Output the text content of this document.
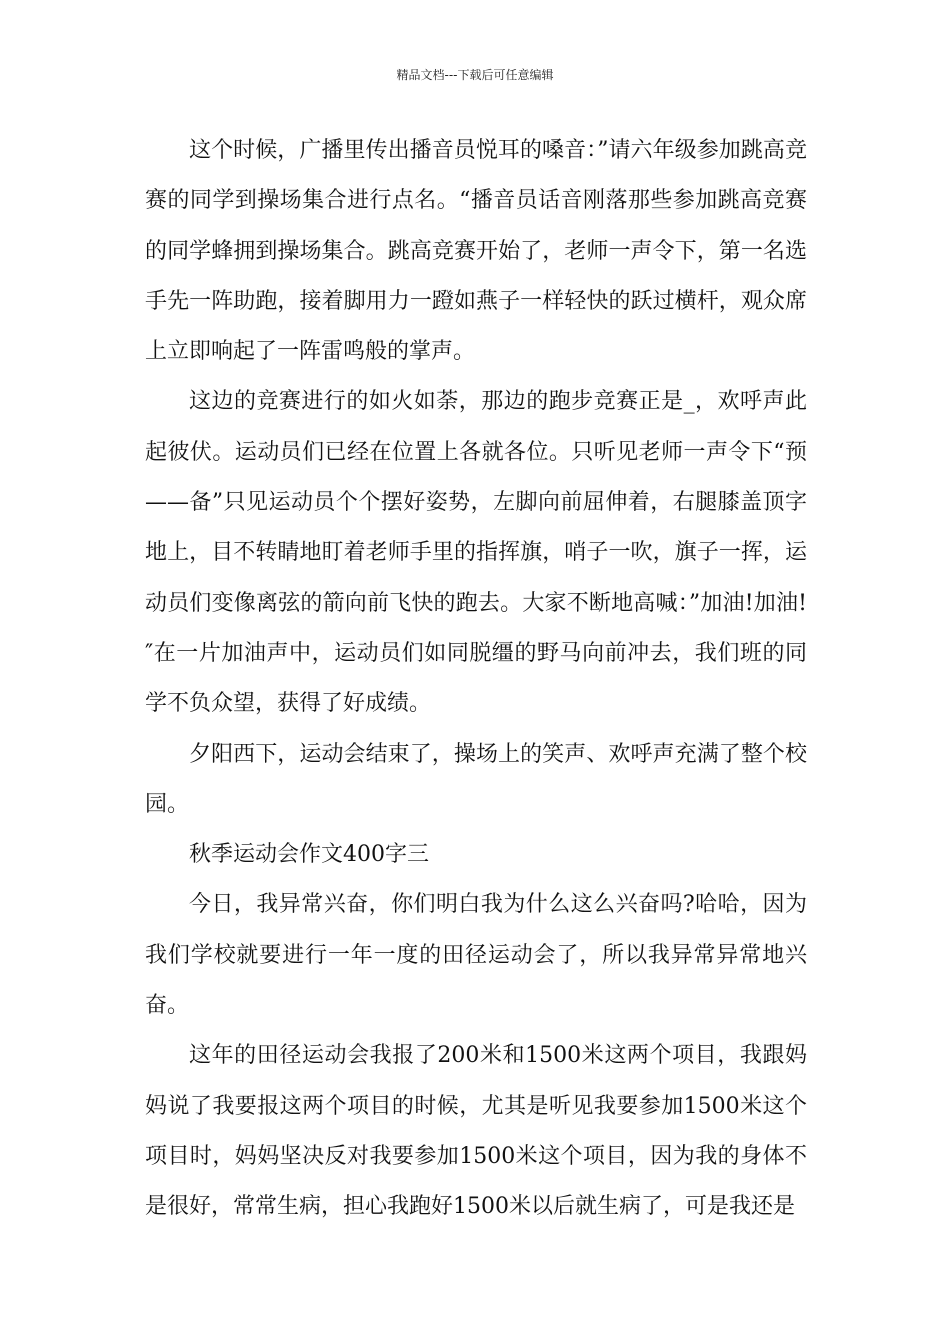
精品文档---下载后可任意编辑

这个时候，广播里传出播音员悦耳的嗓音：”请六年级参加跳高竞赛的同学到操场集合进行点名。“播音员话音刚落那些参加跳高竞赛的同学蜂拥到操场集合。跳高竞赛开始了，老师一声令下，第一名选手先一阵助跑，接着脚用力一蹬如燕子一样轻快的跃过横杆，观众席上立即响起了一阵雷鸣般的掌声。

这边的竞赛进行的如火如荼，那边的跑步竞赛正是_，欢呼声此起彼伏。运动员们已经在位置上各就各位。只听见老师一声令下“预——备”只见运动员个个摆好姿势，左脚向前屈伸着，右腿膝盖顶字地上，目不转睛地盯着老师手里的指挥旗，哨子一吹，旗子一挥，运动员们变像离弦的箭向前飞快的跑去。大家不断地高喊：”加油!加油!″在一片加油声中，运动员们如同脱缰的野马向前冲去，我们班的同学不负众望，获得了好成绩。

夕阳西下，运动会结束了，操场上的笑声、欢呼声充满了整个校园。

秋季运动会作文400字三

今日，我异常兴奋，你们明白我为什么这么兴奋吗?哈哈，因为我们学校就要进行一年一度的田径运动会了，所以我异常异常地兴奋。

这年的田径运动会我报了200米和1500米这两个项目，我跟妈妈说了我要报这两个项目的时候，尤其是听见我要参加1500米这个项目时，妈妈坚决反对我要参加1500米这个项目，因为我的身体不是很好，常常生病，担心我跑好1500米以后就生病了，可是我还是
